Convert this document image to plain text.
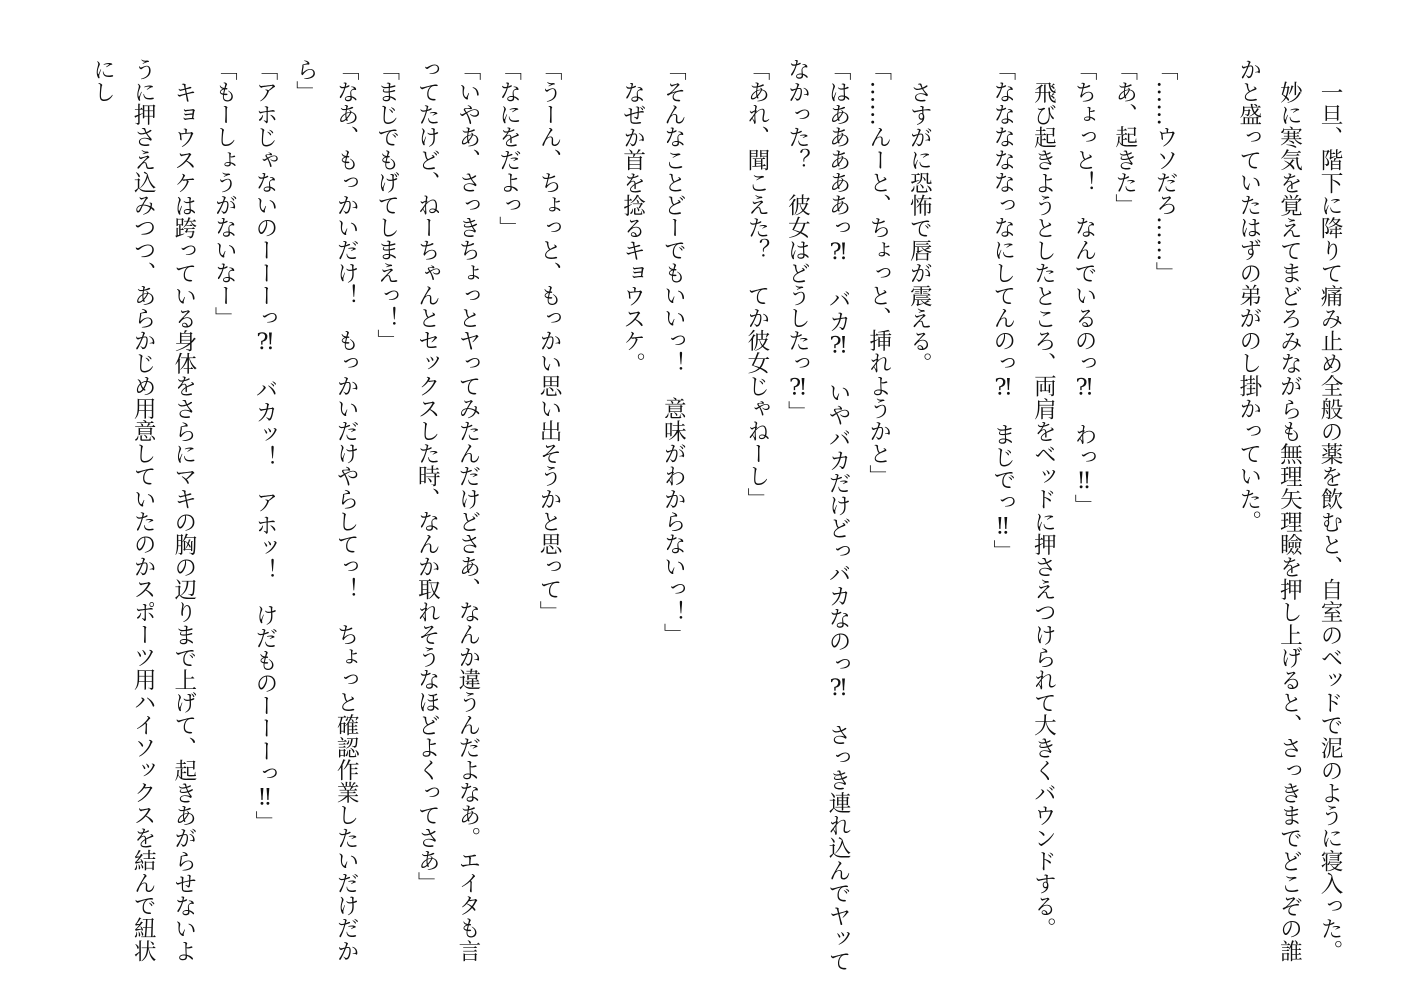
一旦、階下に降りて痛み止め全般の薬を飲むと、自室のベッドで泥のように寝入った。

妙に寒気を覚えてまどろみながらも無理矢理瞼を押し上げると、さっきまでどこぞの誰かと盛っていたはずの弟がのし掛かっていた。

「……ウソだろ……」

「あ、起きた」

「ちょっと！　なんでいるのっ⁈　わっ‼」

飛び起きようとしたところ、両肩をベッドに押さえつけられて大きくバウンドする。

「なななななっなにしてんのっ⁈　まじでっ‼」

さすがに恐怖で唇が震える。

「……んーと、ちょっと、挿れようかと」

「はあああああっ⁈　バカ⁈　いやバカだけどっバカなのっ⁈　さっき連れ込んでヤッてなかった？　彼女はどうしたっ⁈」

「あれ、聞こえた？　てか彼女じゃねーし」

「そんなことどーでもいいっ！　意味がわからないっ！」

なぜか首を捻るキョウスケ。

「うーん、ちょっと、もっかい思い出そうかと思って」

「なにをだよっ」

「いやあ、さっきちょっとヤってみたんだけどさあ、なんか違うんだよなあ。エイタも言ってたけど、ねーちゃんとセックスした時、なんか取れそうなほどよくってさあ」

「まじでもげてしまえっ！」

「なあ、もっかいだけ！　もっかいだけやらしてっ！　ちょっと確認作業したいだけだから」

「アホじゃないのーーーっ⁈　バカッ！　アホッ！　けだものーーーっ‼」

「もーしょうがないなー」

キョウスケは跨っている身体をさらにマキの胸の辺りまで上げて、起きあがらせないように押さえ込みつつ、あらかじめ用意していたのかスポーツ用ハイソックスを結んで紐状にし
